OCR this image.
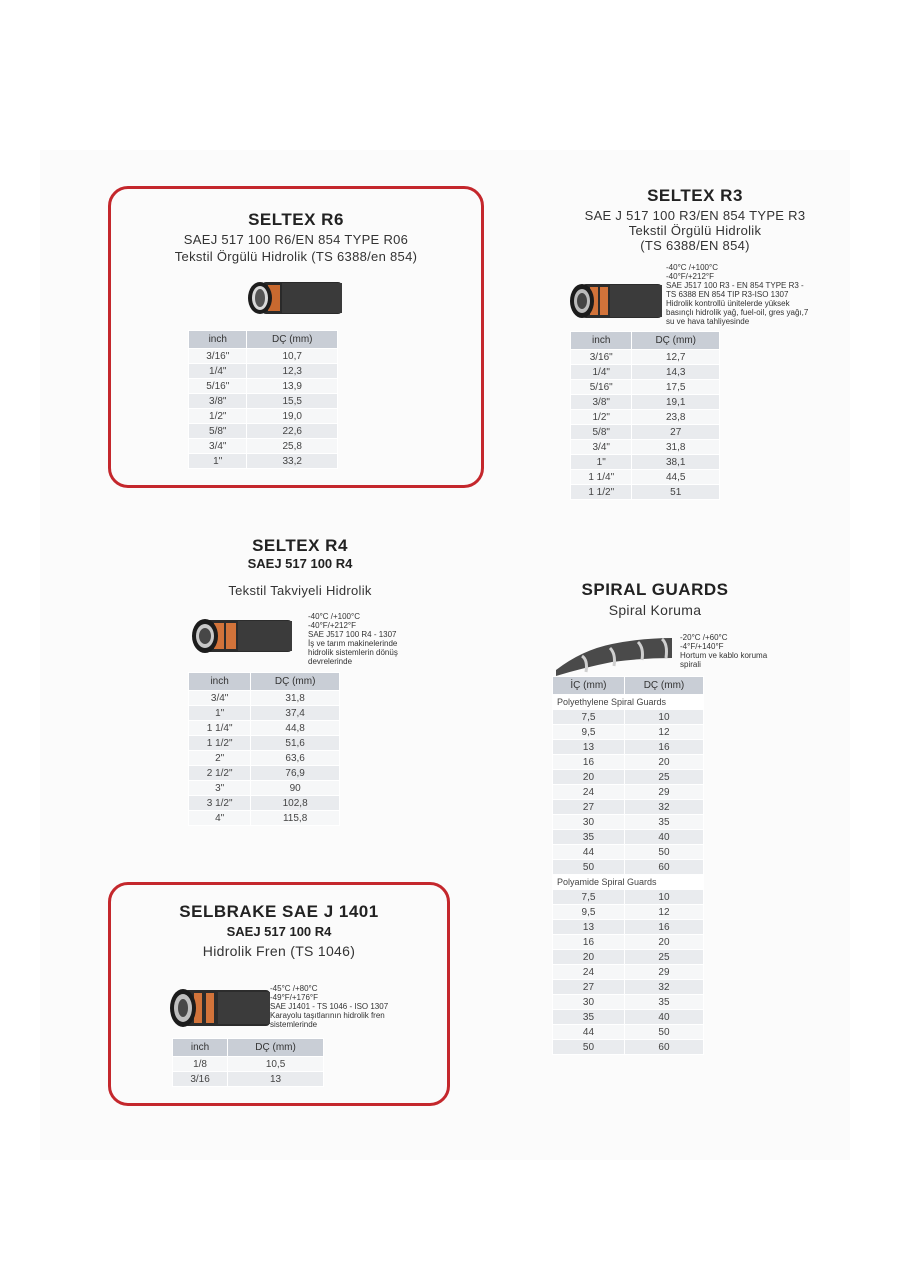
SELTEX R6
SAEJ 517 100 R6/EN 854 TYPE R06
Tekstil Örgülü Hidrolik (TS 6388/en 854)
inch	DÇ (mm)
3/16"	10,7
1/4"	12,3
5/16"	13,9
3/8"	15,5
1/2"	19,0
5/8"	22,6
3/4"	25,8
1"	33,2
SELTEX R3
SAE J 517 100 R3/EN 854 TYPE R3
Tekstil Örgülü Hidrolik
(TS 6388/EN 854)
-40°C /+100°C
-40°F/+212°F
SAE J517 100 R3 - EN 854 TYPE R3 -
TS 6388 EN 854 TIP R3-ISO 1307
Hidrolik kontrollü ünitelerde yüksek
basınçlı hidrolik yağ, fuel-oil, gres yağı,7
su ve hava tahliyesinde
inch	DÇ (mm)
3/16"	12,7
1/4"	14,3
5/16"	17,5
3/8"	19,1
1/2"	23,8
5/8"	27
3/4"	31,8
1"	38,1
1 1/4"	44,5
1 1/2"	51
SELTEX R4
SAEJ 517 100 R4
Tekstil Takviyeli Hidrolik
-40°C /+100°C
-40°F/+212°F
SAE J517 100 R4 - 1307
İş ve tarım makinelerinde
hidrolik sistemlerin dönüş
devrelerinde
inch	DÇ (mm)
3/4"	31,8
1"	37,4
1 1/4"	44,8
1 1/2"	51,6
2"	63,6
2 1/2"	76,9
3"	90
3 1/2"	102,8
4"	115,8
SPIRAL GUARDS
Spiral Koruma
-20°C /+60°C
-4°F/+140°F
Hortum ve kablo koruma
spirali
İÇ (mm)	DÇ (mm)
Polyethylene Spiral Guards	
7,5	10
9,5	12
13	16
16	20
20	25
24	29
27	32
30	35
35	40
44	50
50	60
Polyamide Spiral Guards	
7,5	10
9,5	12
13	16
16	20
20	25
24	29
27	32
30	35
35	40
44	50
50	60
SELBRAKE SAE J 1401
SAEJ 517 100 R4
Hidrolik Fren (TS 1046)
-45°C /+80°C
-49°F/+176°F
SAE J1401 - TS 1046 - ISO 1307
Karayolu taşıtlarının hidrolik fren
sistemlerinde
inch	DÇ (mm)
1/8	10,5
3/16	13
